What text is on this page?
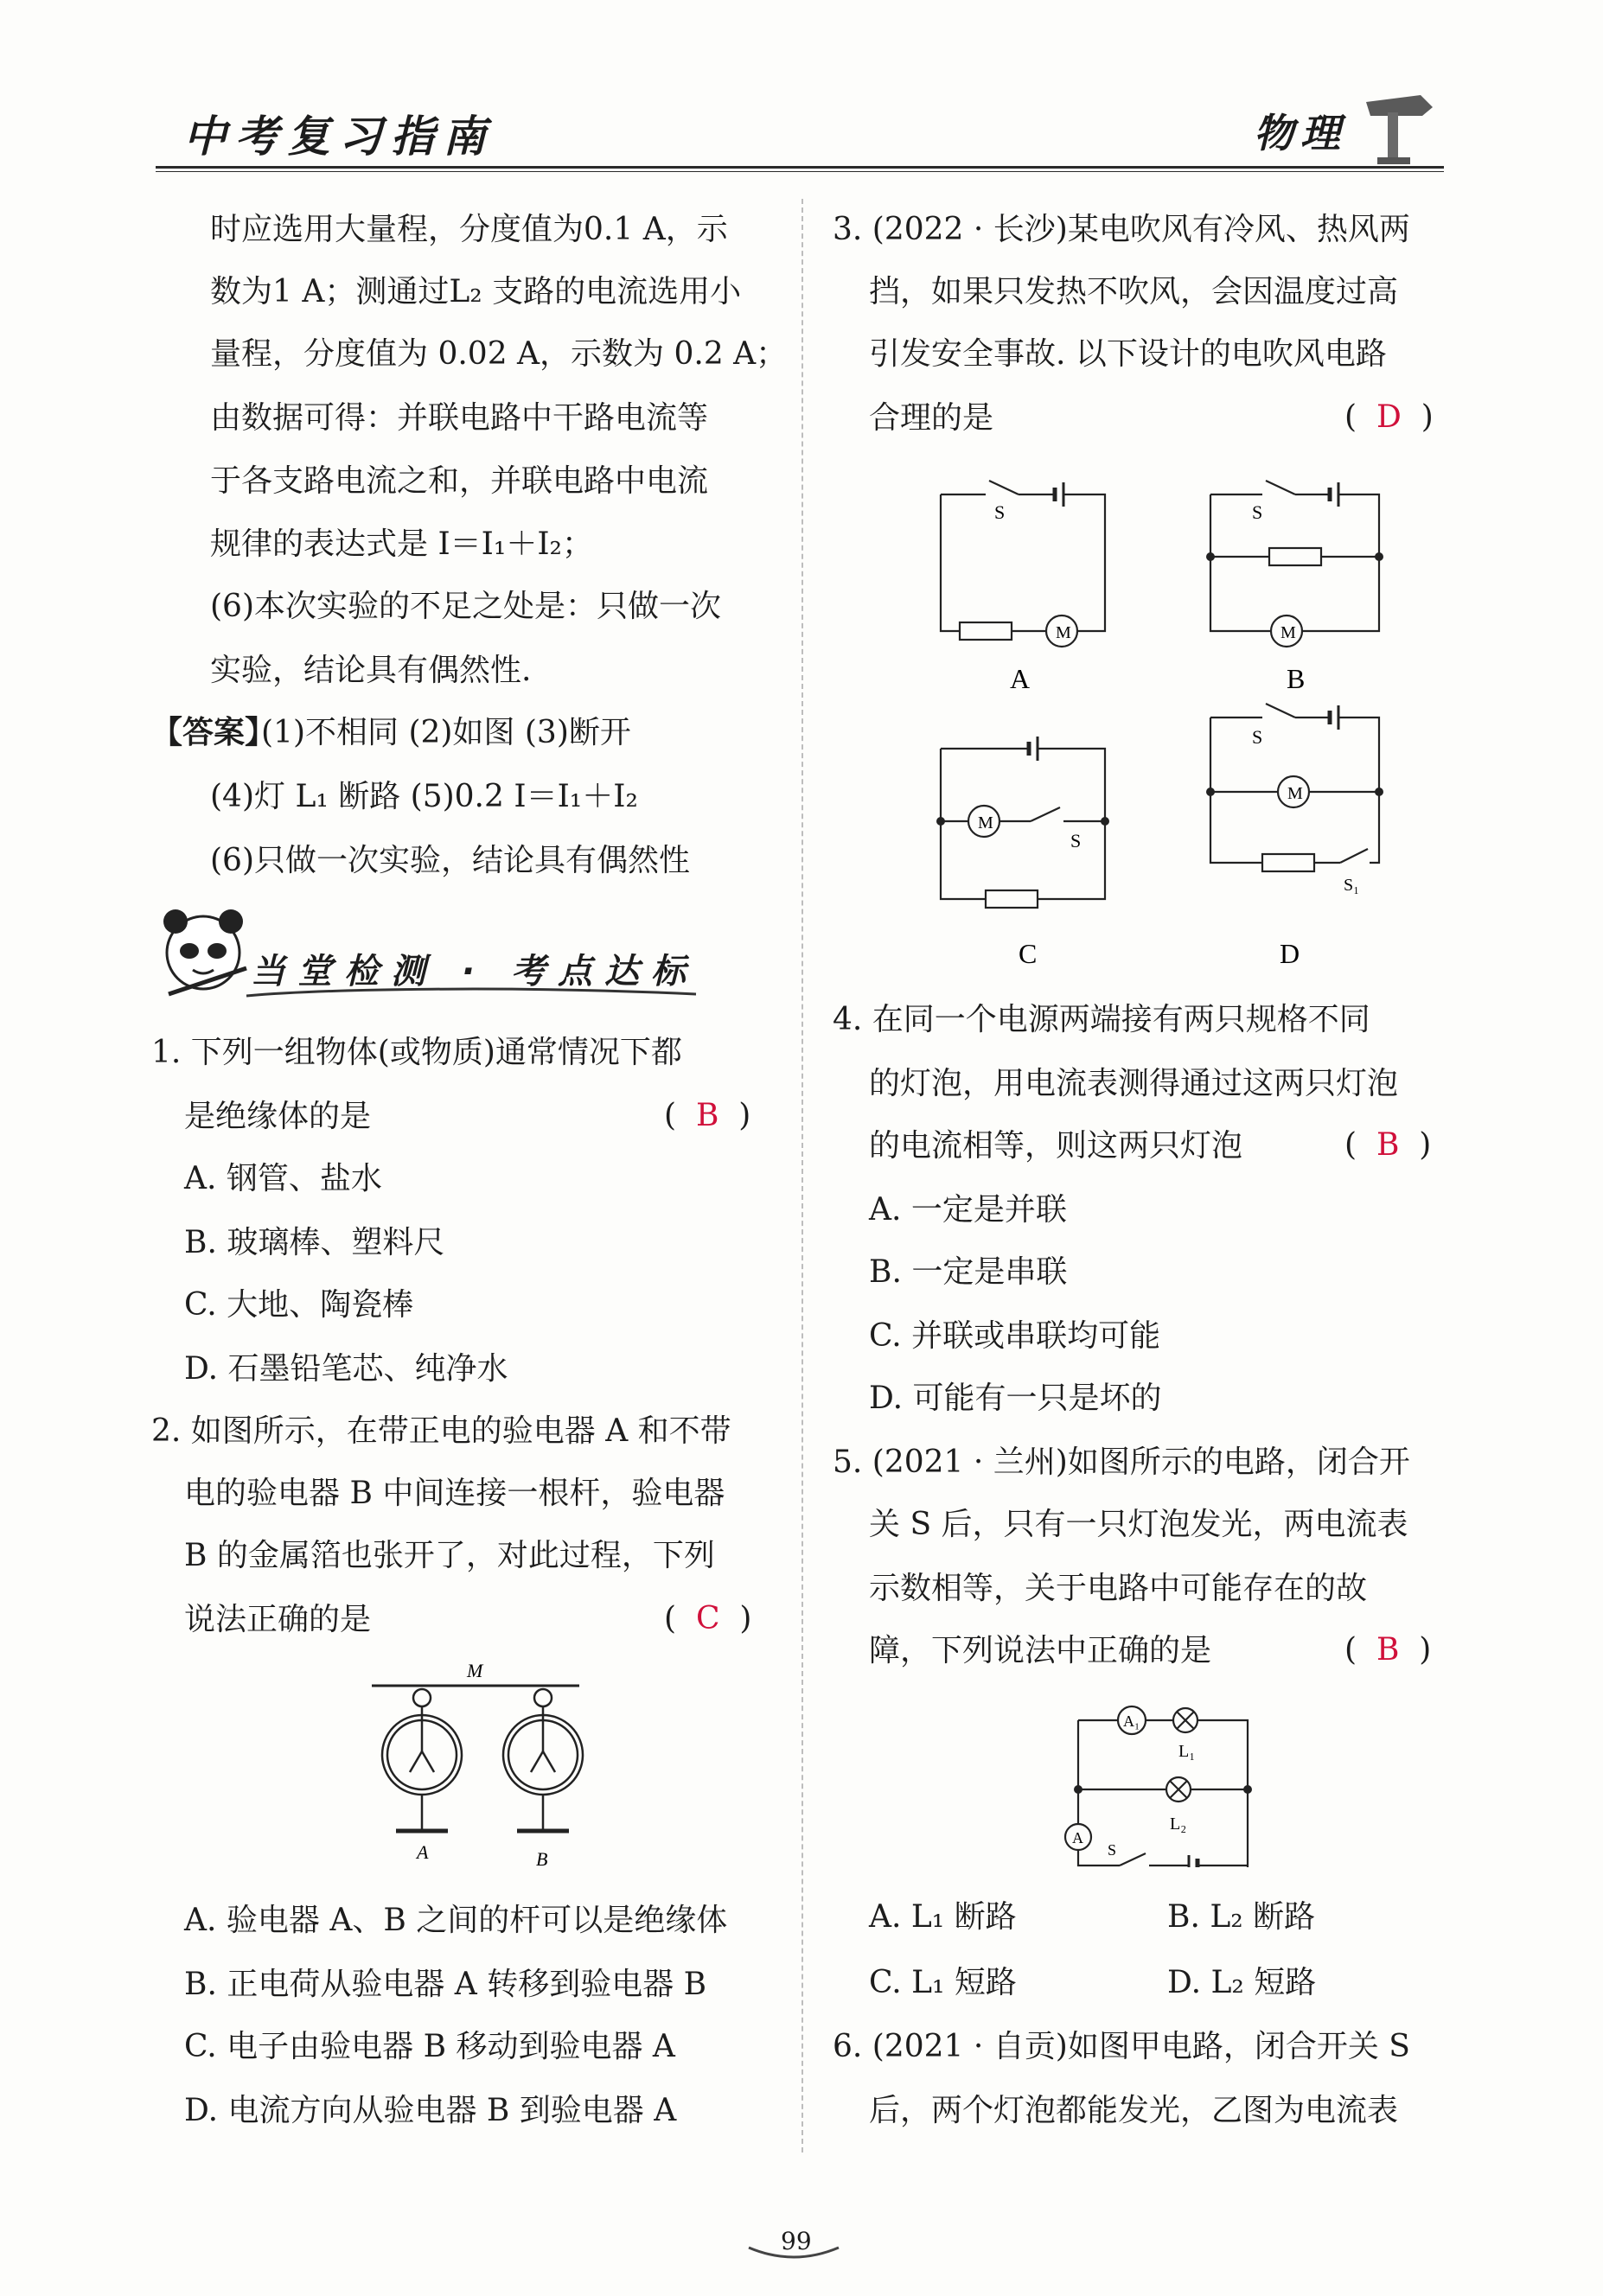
中考复习指南	物理
时应选用大量程，分度值为0.1 A，示
数为1 A；测通过L₂ 支路的电流选用小
量程，分度值为 0.02 A，示数为 0.2 A；
由数据可得：并联电路中干路电流等
于各支路电流之和，并联电路中电流
规律的表达式是 I＝I₁＋I₂；
(6)本次实验的不足之处是：只做一次
实验，结论具有偶然性.
【答案】
(1)不相同 (2)如图 (3)断开
(4)灯 L₁ 断路 (5)0.2 I＝I₁＋I₂
(6)只做一次实验，结论具有偶然性
当堂检测 · 考点达标
1. 下列一组物体(或物质)通常情况下都
是绝缘体的是	(  B  )
A. 钢管、盐水
B. 玻璃棒、塑料尺
C. 大地、陶瓷棒
D. 石墨铅笔芯、纯净水
2. 如图所示，在带正电的验电器 A 和不带
电的验电器 B 中间连接一根杆，验电器
B 的金属箔也张开了，对此过程，下列
说法正确的是	(  C  )
M
A	B
A. 验电器 A、B 之间的杆可以是绝缘体
B. 正电荷从验电器 A 转移到验电器 B
C. 电子由验电器 B 移动到验电器 A
D. 电流方向从验电器 B 到验电器 A
3. (2022 · 长沙)某电吹风有冷风、热风两
挡，如果只发热不吹风，会因温度过高
引发安全事故. 以下设计的电吹风电路
合理的是	(  D  )
S
M
A
S
M
B
M
S
C
S
M
S₁
D
4. 在同一个电源两端接有两只规格不同
的灯泡，用电流表测得通过这两只灯泡
的电流相等，则这两只灯泡	(  B  )
A. 一定是并联
B. 一定是串联
C. 并联或串联均可能
D. 可能有一只是坏的
5. (2021 · 兰州)如图所示的电路，闭合开
关 S 后，只有一只灯泡发光，两电流表
示数相等，关于电路中可能存在的故
障，下列说法中正确的是	(  B  )
A₁
L₁
L₂
A
S
A. L₁ 断路	B. L₂ 断路
C. L₁ 短路	D. L₂ 短路
6. (2021 · 自贡)如图甲电路，闭合开关 S
后，两个灯泡都能发光，乙图为电流表
99
